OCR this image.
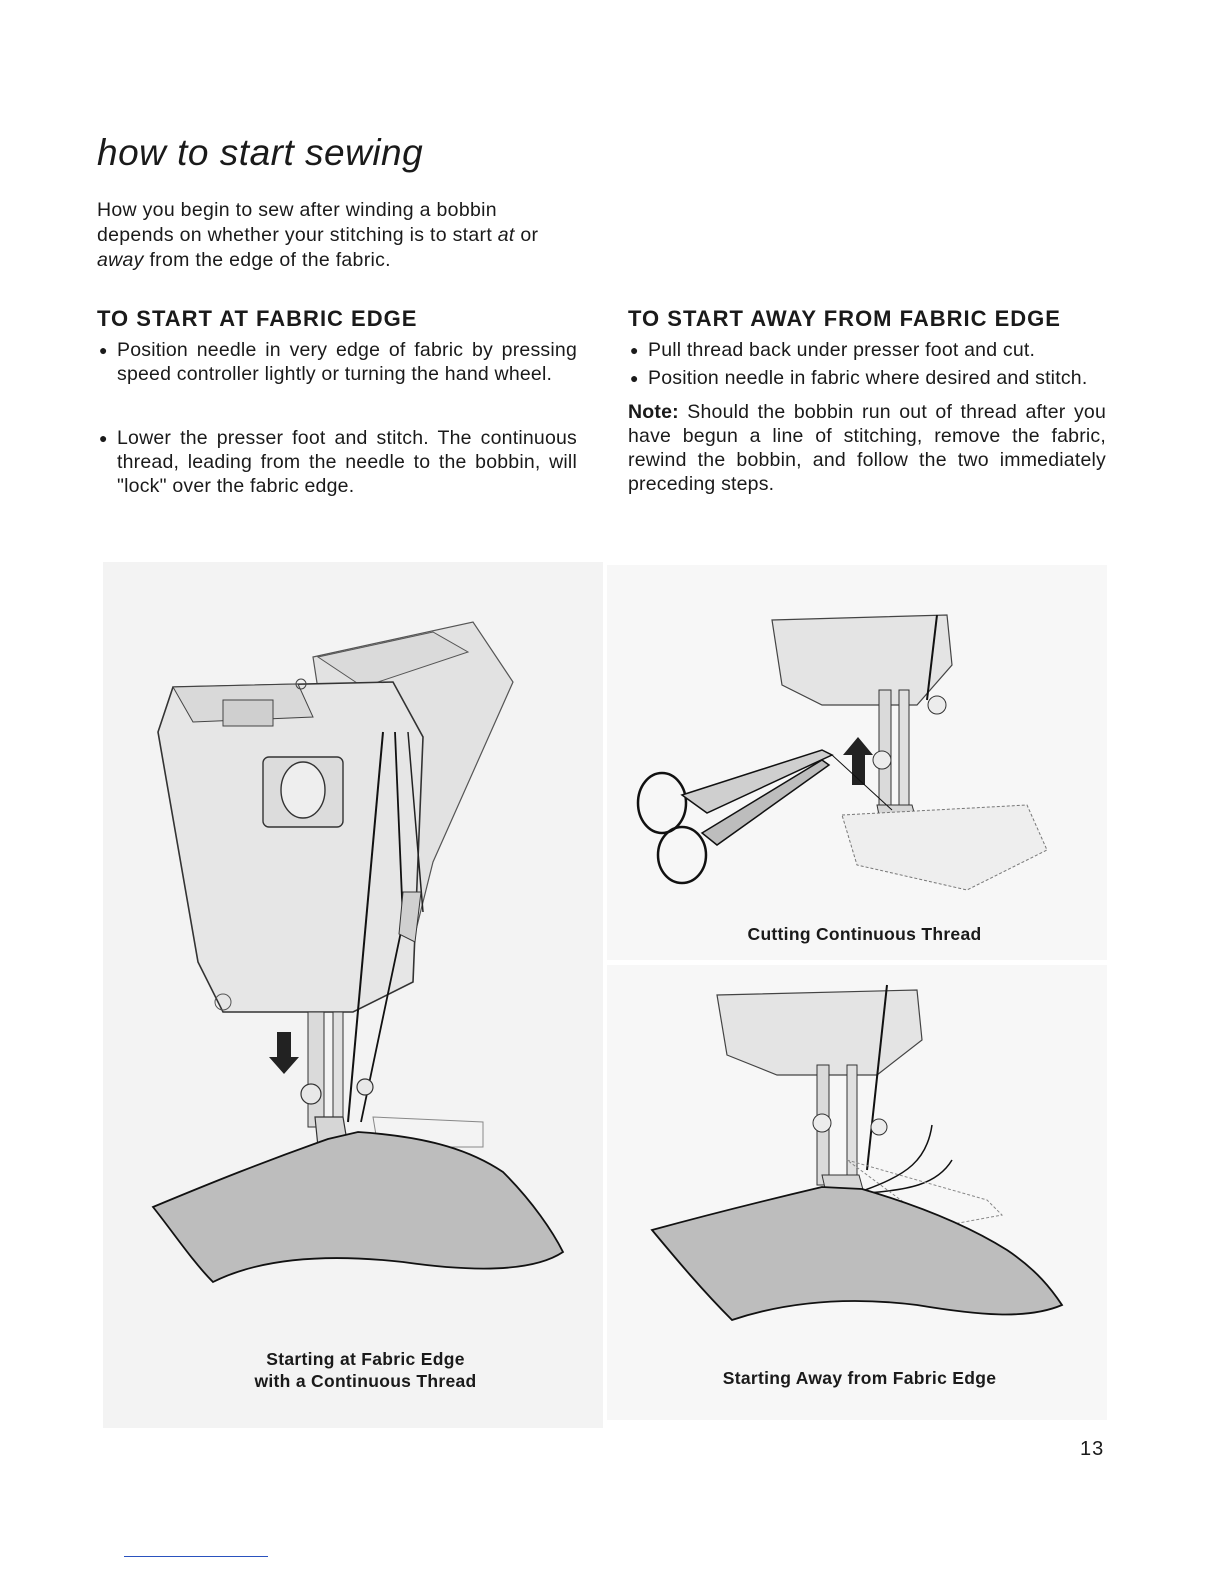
how to start sewing

How you begin to sew after winding a bobbin depends on whether your stitching is to start at or away from the edge of the fabric.

TO START AT FABRIC EDGE

● Position needle in very edge of fabric by pressing speed controller lightly or turning the hand wheel.

● Lower the presser foot and stitch. The continuous thread, leading from the needle to the bobbin, will "lock" over the fabric edge.

TO START AWAY FROM FABRIC EDGE

● Pull thread back under presser foot and cut.

● Position needle in fabric where desired and stitch.

Note: Should the bobbin run out of thread after you have begun a line of stitching, remove the fabric, rewind the bobbin, and follow the two immediately preceding steps.

Starting at Fabric Edge
with a Continuous Thread
Cutting Continuous Thread
Starting Away from Fabric Edge
13
